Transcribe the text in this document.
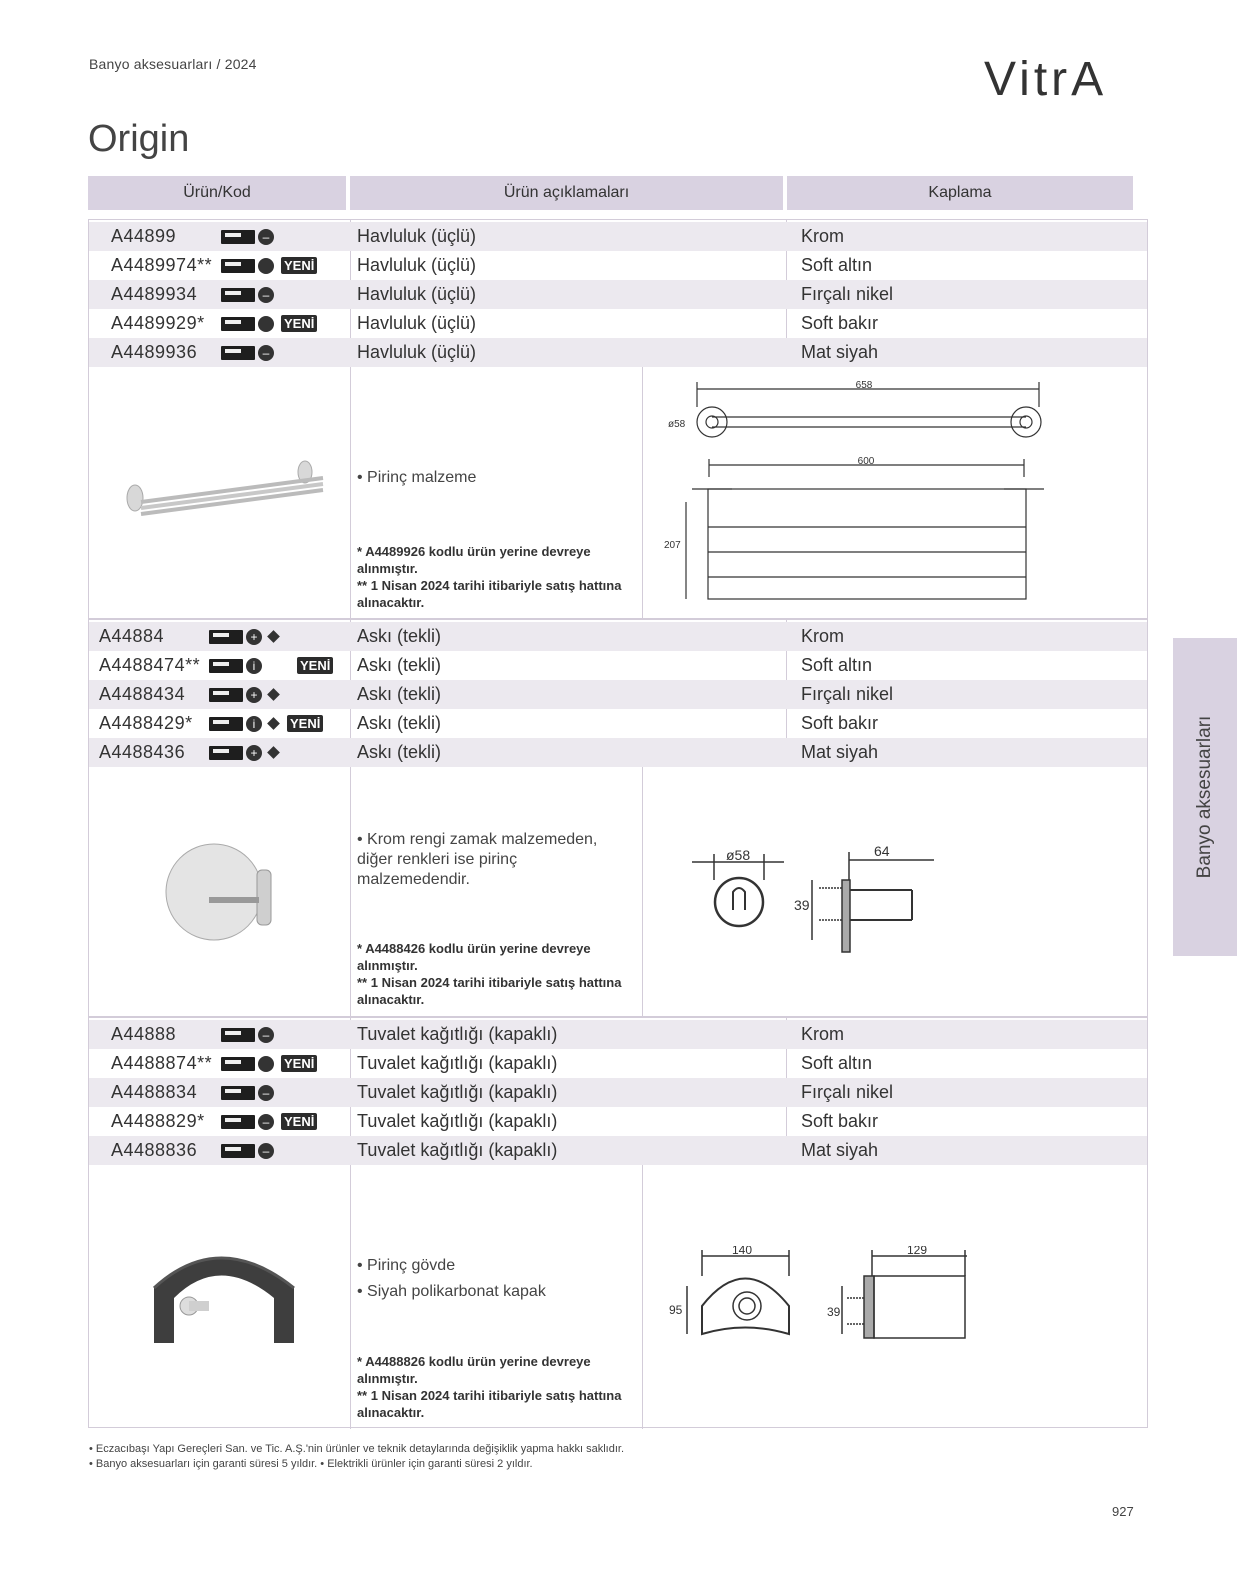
Banyo aksesuarları / 2024	VitrA
Origin
Ürün/Kod	Ürün açıklamaları	Kaplama
Banyo aksesuarları
A44899	–	Havluluk (üçlü)	Krom
A4489974**	YENİ Havluluk (üçlü)	Soft altın
A4489934	–	Havluluk (üçlü)	Fırçalı nikel
A4489929*	YENİ Havluluk (üçlü)	Soft bakır
A4489936	–	Havluluk (üçlü)	Mat siyah
• Pirinç malzeme
* A4489926 kodlu ürün yerine devreye alınmıştır.
** 1 Nisan 2024 tarihi itibariyle satış hattına alınacaktır.
658
ø58
600
207
A44884	+	Askı (tekli)	Krom
A4488474**	i	YENİ Askı (tekli)	Soft altın
A4488434	+	Askı (tekli)	Fırçalı nikel
A4488429*	i	YENİ Askı (tekli)	Soft bakır
A4488436	+	Askı (tekli)	Mat siyah
• Krom rengi zamak malzemeden, diğer renkleri ise pirinç malzemedendir.
* A4488426 kodlu ürün yerine devreye alınmıştır.
** 1 Nisan 2024 tarihi itibariyle satış hattına alınacaktır.
ø58	64
39
A44888	–	Tuvalet kağıtlığı (kapaklı)	Krom
A4488874**	YENİ Tuvalet kağıtlığı (kapaklı)	Soft altın
A4488834	–	Tuvalet kağıtlığı (kapaklı)	Fırçalı nikel
A4488829*	–	YENİ Tuvalet kağıtlığı (kapaklı)	Soft bakır
A4488836	–	Tuvalet kağıtlığı (kapaklı)	Mat siyah
• Pirinç gövde
• Siyah polikarbonat kapak
* A4488826 kodlu ürün yerine devreye alınmıştır.
** 1 Nisan 2024 tarihi itibariyle satış hattına alınacaktır.
140
95
129
39
• Eczacıbaşı Yapı Gereçleri San. ve Tic. A.Ş.'nin ürünler ve teknik detaylarında değişiklik yapma hakkı saklıdır.
• Banyo aksesuarları için garanti süresi 5 yıldır. • Elektrikli ürünler için garanti süresi 2 yıldır.
927
